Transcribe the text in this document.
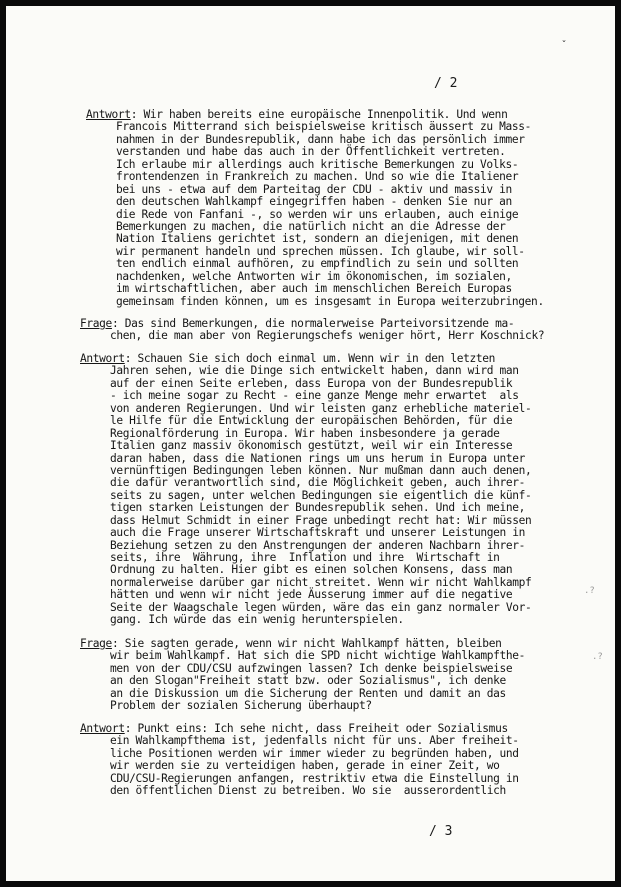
ˇ
/ 2
Antwort: Wir haben bereits eine europäische Innenpolitik. Und wenn
Francois Mitterrand sich beispielsweise kritisch äussert zu Mass-
nahmen in der Bundesrepublik, dann habe ich das persönlich immer
verstanden und habe das auch in der Öffentlichkeit vertreten.
Ich erlaube mir allerdings auch kritische Bemerkungen zu Volks-
frontendenzen in Frankreich zu machen. Und so wie die Italiener
bei uns - etwa auf dem Parteitag der CDU - aktiv und massiv in
den deutschen Wahlkampf eingegriffen haben - denken Sie nur an
die Rede von Fanfani -, so werden wir uns erlauben, auch einige
Bemerkungen zu machen, die natürlich nicht an die Adresse der
Nation Italiens gerichtet ist, sondern an diejenigen, mit denen
wir permanent handeln und sprechen müssen. Ich glaube, wir soll-
ten endlich einmal aufhören, zu empfindlich zu sein und sollten
nachdenken, welche Antworten wir im ökonomischen, im sozialen,
im wirtschaftlichen, aber auch im menschlichen Bereich Europas
gemeinsam finden können, um es insgesamt in Europa weiterzubringen.
Frage: Das sind Bemerkungen, die normalerweise Parteivorsitzende ma-
chen, die man aber von Regierungschefs weniger hört, Herr Koschnick?
Antwort: Schauen Sie sich doch einmal um. Wenn wir in den letzten
Jahren sehen, wie die Dinge sich entwickelt haben, dann wird man
auf der einen Seite erleben, dass Europa von der Bundesrepublik
- ich meine sogar zu Recht - eine ganze Menge mehr erwartet  als
von anderen Regierungen. Und wir leisten ganz erhebliche materiel-
le Hilfe für die Entwicklung der europäischen Behörden, für die
Regionalförderung in Europa. Wir haben insbesondere ja gerade
Italien ganz massiv ökonomisch gestützt, weil wir ein Interesse
daran haben, dass die Nationen rings um uns herum in Europa unter
vernünftigen Bedingungen leben können. Nur mußman dann auch denen,
die dafür verantwortlich sind, die Möglichkeit geben, auch ihrer-
seits zu sagen, unter welchen Bedingungen sie eigentlich die künf-
tigen starken Leistungen der Bundesrepublik sehen. Und ich meine,
dass Helmut Schmidt in einer Frage unbedingt recht hat: Wir müssen
auch die Frage unserer Wirtschaftskraft und unserer Leistungen in
Beziehung setzen zu den Anstrengungen der anderen Nachbarn ihrer-
seits, ihre  Währung, ihre  Inflation und ihre  Wirtschaft in
Ordnung zu halten. Hier gibt es einen solchen Konsens, dass man
normalerweise darüber gar nicht streitet. Wenn wir nicht Wahlkampf
hätten und wenn wir nicht jede Äusserung immer auf die negative
Seite der Waagschale legen würden, wäre das ein ganz normaler Vor-
gang. Ich würde das ein wenig herunterspielen.
Frage: Sie sagten gerade, wenn wir nicht Wahlkampf hätten, bleiben
wir beim Wahlkampf. Hat sich die SPD nicht wichtige Wahlkampfthe-
men von der CDU/CSU aufzwingen lassen? Ich denke beispielsweise
an den Slogan"Freiheit statt bzw. oder Sozialismus", ich denke
an die Diskussion um die Sicherung der Renten und damit an das
Problem der sozialen Sicherung überhaupt?
Antwort: Punkt eins: Ich sehe nicht, dass Freiheit oder Sozialismus
ein Wahlkampfthema ist, jedenfalls nicht für uns. Aber freiheit-
liche Positionen werden wir immer wieder zu begründen haben, und
wir werden sie zu verteidigen haben, gerade in einer Zeit, wo
CDU/CSU-Regierungen anfangen, restriktiv etwa die Einstellung in
den öffentlichen Dienst zu betreiben. Wo sie  ausserordentlich
.?
.?
/ 3
